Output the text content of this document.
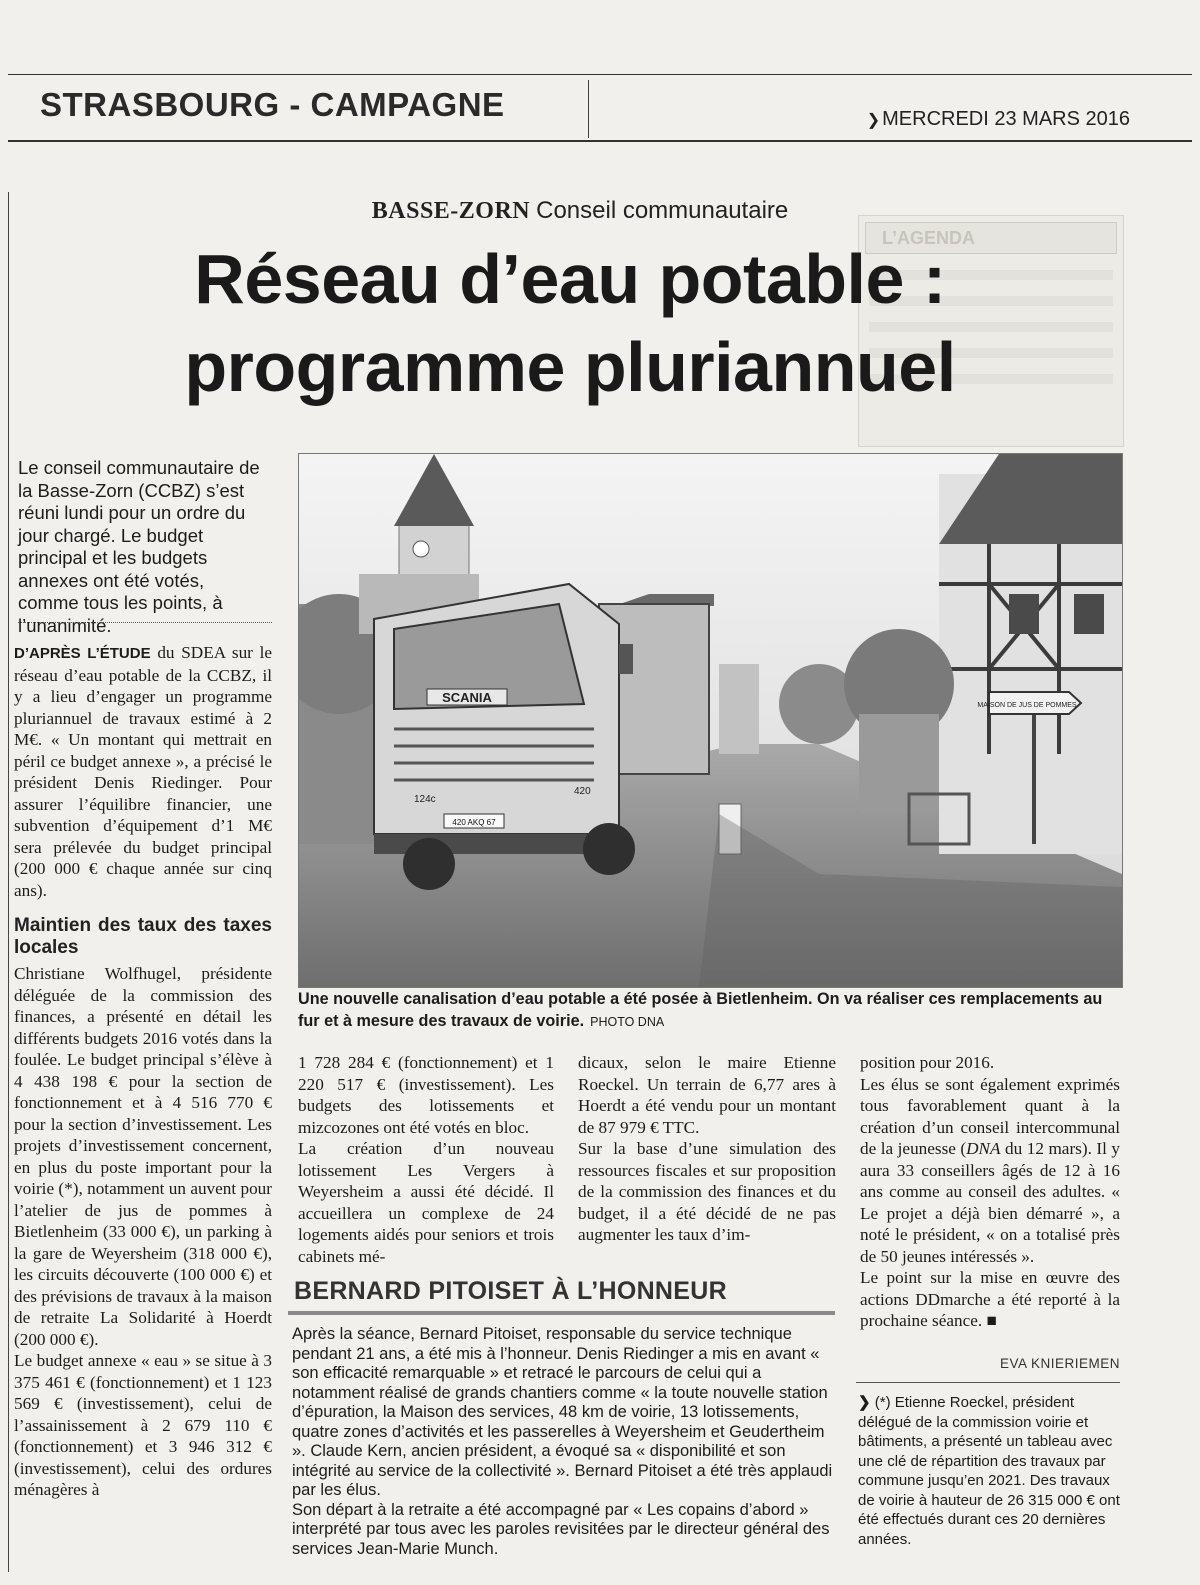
STRASBOURG - CAMPAGNE	❯ MERCREDI 23 MARS 2016
L’AGENDA
BASSE-ZORN Conseil communautaire
Réseau d’eau potable :
programme pluriannuel
Le conseil communautaire de la Basse-Zorn (CCBZ) s’est réuni lundi pour un ordre du jour chargé. Le budget principal et les budgets annexes ont été votés, comme tous les points, à l’unanimité.

D’APRÈS L’ÉTUDE du SDEA sur le réseau d’eau potable de la CCBZ, il y a lieu d’engager un programme pluriannuel de travaux estimé à 2 M€. « Un montant qui mettrait en péril ce budget annexe », a précisé le président Denis Riedinger. Pour assurer l’équilibre financier, une subvention d’équipement d’1 M€ sera prélevée du budget principal (200 000 € chaque année sur cinq ans).

Maintien des taux des taxes locales

Christiane Wolfhugel, présidente déléguée de la commission des finances, a présenté en détail les différents budgets 2016 votés dans la foulée. Le budget principal s’élève à 4 438 198 € pour la section de fonctionnement et à 4 516 770 € pour la section d’investissement. Les projets d’investissement concernent, en plus du poste important pour la voirie (*), notamment un auvent pour l’atelier de jus de pommes à Bietlenheim (33 000 €), un parking à la gare de Weyersheim (318 000 €), les circuits découverte (100 000 €) et des prévisions de travaux à la maison de retraite La Solidarité à Hoerdt (200 000 €).

Le budget annexe « eau » se situe à 3 375 461 € (fonctionnement) et 1 123 569 € (investissement), celui de l’assainissement à 2 679 110 € (fonctionnement) et 3 946 312 € (investissement), celui des ordures ménagères à

MAISON DE JUS DE POMMES
SCANIA
124c
420
420 AKQ 67
Une nouvelle canalisation d’eau potable a été posée à Bietlenheim. On va réaliser ces remplacements au fur et à mesure des travaux de voirie. PHOTO DNA

1 728 284 € (fonctionnement) et 1 220 517 € (investissement). Les budgets des lotissements et mizcozones ont été votés en bloc.

La création d’un nouveau lotissement Les Vergers à Weyersheim a aussi été décidé. Il accueillera un complexe de 24 logements aidés pour seniors et trois cabinets mé-

dicaux, selon le maire Etienne Roeckel. Un terrain de 6,77 ares à Hoerdt a été vendu pour un montant de 87 979 € TTC.

Sur la base d’une simulation des ressources fiscales et sur proposition de la commission des finances et du budget, il a été décidé de ne pas augmenter les taux d’im-

position pour 2016.

Les élus se sont également exprimés tous favorablement quant à la création d’un conseil intercommunal de la jeunesse (DNA du 12 mars). Il y aura 33 conseillers âgés de 12 à 16 ans comme au conseil des adultes. « Le projet a déjà bien démarré », a noté le président, « on a totalisé près de 50 jeunes intéressés ».

Le point sur la mise en œuvre des actions DDmarche a été reporté à la prochaine séance. ■

EVA KNIERIEMEN
BERNARD PITOISET À L’HONNEUR

Après la séance, Bernard Pitoiset, responsable du service technique pendant 21 ans, a été mis à l’honneur. Denis Riedinger a mis en avant « son efficacité remarquable » et retracé le parcours de celui qui a notamment réalisé de grands chantiers comme « la toute nouvelle station d’épuration, la Maison des services, 48 km de voirie, 13 lotissements, quatre zones d’activités et les passerelles à Weyersheim et Geudertheim ». Claude Kern, ancien président, a évoqué sa « disponibilité et son intégrité au service de la collectivité ». Bernard Pitoiset a été très applaudi par les élus.

Son départ à la retraite a été accompagné par « Les copains d’abord » interprété par tous avec les paroles revisitées par le directeur général des services Jean-Marie Munch.

❯ (*) Etienne Roeckel, président délégué de la commission voirie et bâtiments, a présenté un tableau avec une clé de répartition des travaux par commune jusqu’en 2021. Des travaux de voirie à hauteur de 26 315 000 € ont été effectués durant ces 20 dernières années.
